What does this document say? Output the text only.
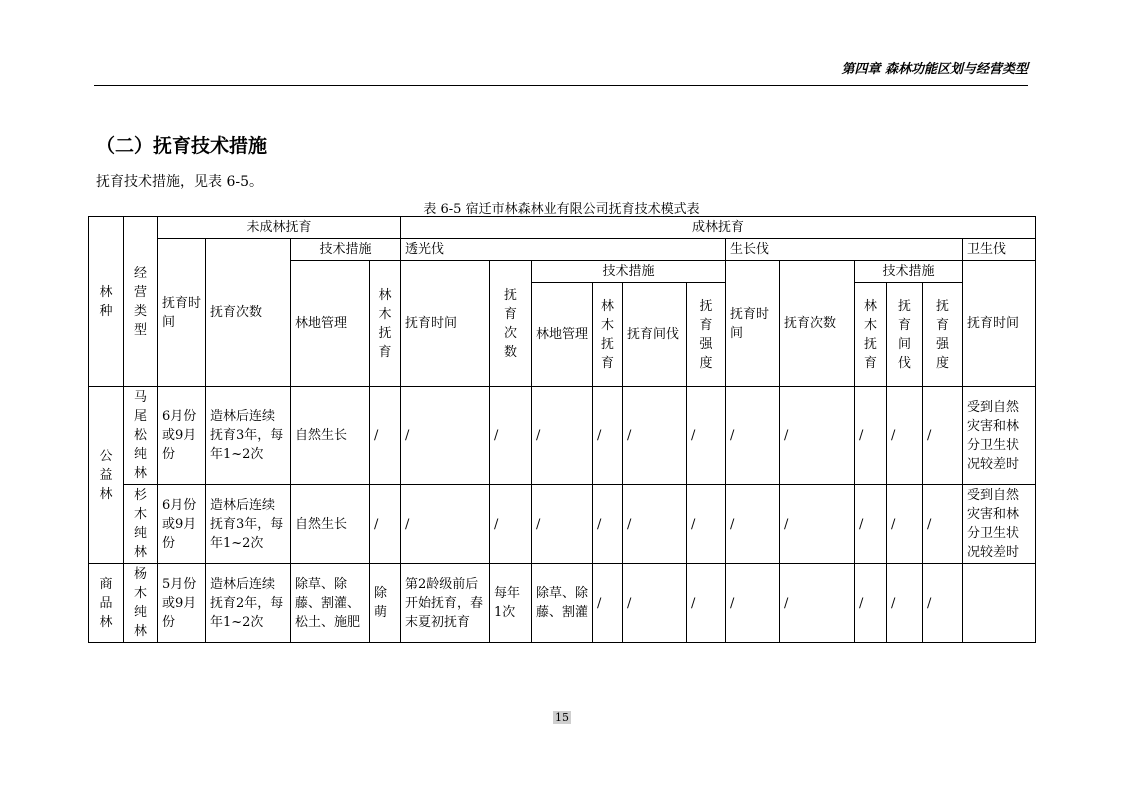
第四章 森林功能区划与经营类型
（二）抚育技术措施
抚育技术措施，见表 6-5。
表 6-5 宿迁市林森林业有限公司抚育技术模式表
林种	经营类型	未成林抚育				成林抚育											
		抚育时间	抚育次数	技术措施		透光伐						生长伐					卫生伐
				林地管理	林木抚育	抚育时间	抚育次数	技术措施				抚育时间	抚育次数	技术措施			抚育时间
								林地管理	林木抚育	抚育间伐	抚育强度			林木抚育	抚育间伐	抚育强度	
公益林	马尾松纯林	6月份或9月份	造林后连续抚育3年，每年1~2次	自然生长	/	/	/	/	/	/	/	/	/	/	/	/	受到自然灾害和林分卫生状况较差时
	杉木纯林	6月份或9月份	造林后连续抚育3年，每年1~2次	自然生长	/	/	/	/	/	/	/	/	/	/	/	/	受到自然灾害和林分卫生状况较差时
商品林	杨木纯林	5月份或9月份	造林后连续抚育2年，每年1~2次	除草、除藤、割灌、松土、施肥	除萌	第2龄级前后开始抚育，春末夏初抚育	每年1次	除草、除藤、割灌	/	/	/	/	/	/	/	/	
15
